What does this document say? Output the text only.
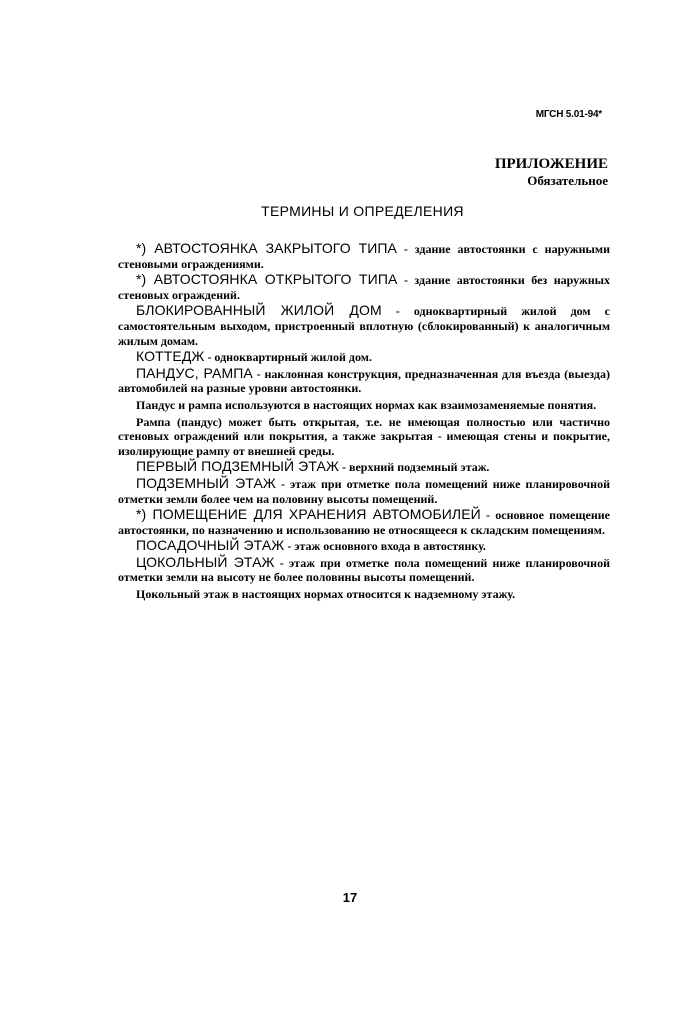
МГСН 5.01-94*
ПРИЛОЖЕНИЕ
Обязательное
ТЕРМИНЫ И ОПРЕДЕЛЕНИЯ

*) АВТОСТОЯНКА ЗАКРЫТОГО ТИПА - здание автостоянки с наружными стеновыми ограждениями.

*) АВТОСТОЯНКА ОТКРЫТОГО ТИПА - здание автостоянки без наружных стеновых ограждений.

БЛОКИРОВАННЫЙ ЖИЛОЙ ДОМ - одноквартирный жилой дом с самостоятельным выходом, пристроенный вплотную (сблокированный) к аналогичным жилым домам.

КОТТЕДЖ - одноквартирный жилой дом.

ПАНДУС, РАМПА - наклонная конструкция, предназначенная для въезда (выезда) автомобилей на разные уровни автостоянки.

Пандус и рампа используются в настоящих нормах как взаимозаменяемые понятия.

Рампа (пандус) может быть открытая, т.е. не имеющая полностью или частично стеновых ограждений или покрытия, а также закрытая - имеющая стены и покрытие, изолирующие рампу от внешней среды.

ПЕРВЫЙ ПОДЗЕМНЫЙ ЭТАЖ - верхний подземный этаж.

ПОДЗЕМНЫЙ ЭТАЖ - этаж при отметке пола помещений ниже планировочной отметки земли более чем на половину высоты помещений.

*) ПОМЕЩЕНИЕ ДЛЯ ХРАНЕНИЯ АВТОМОБИЛЕЙ - основное помещение автостоянки, по назначению и использованию не относящееся к складским помещениям.

ПОСАДОЧНЫЙ ЭТАЖ - этаж основного входа в автостянку.

ЦОКОЛЬНЫЙ ЭТАЖ - этаж при отметке пола помещений ниже планировочной отметки земли на высоту не более половины высоты помещений.

Цокольный этаж в настоящих нормах относится к надземному этажу.

17
